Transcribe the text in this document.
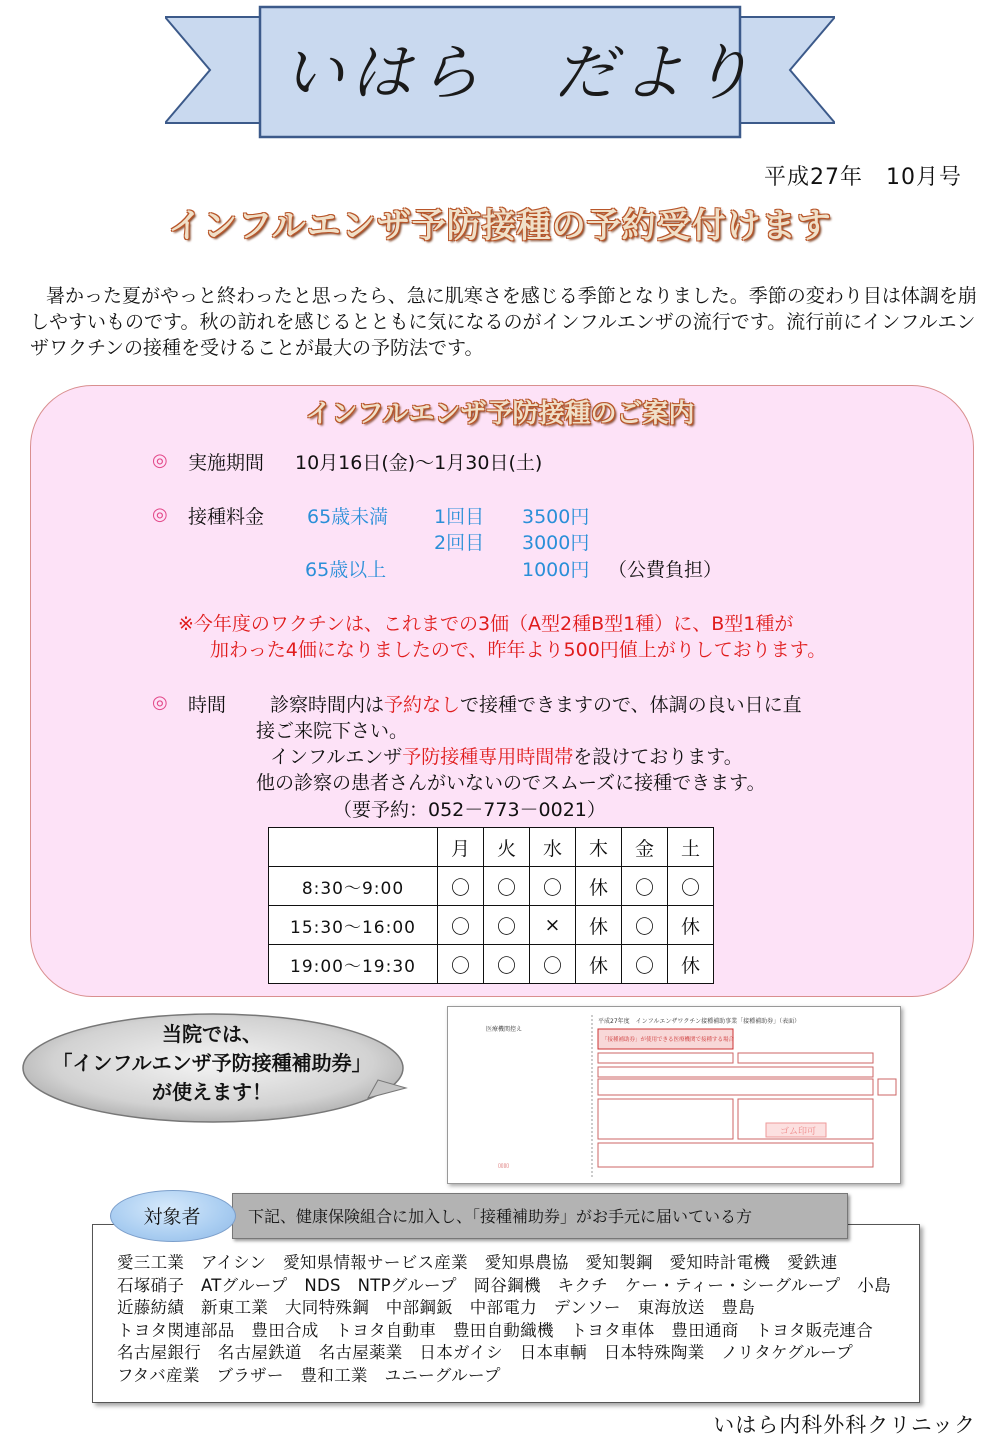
いはら　だより
平成27年　10月号
インフルエンザ予防接種の予約受付けます
暑かった夏がやっと終わったと思ったら、急に肌寒さを感じる季節となりました。季節の変わり目は体調を崩しやすいものです。秋の訪れを感じるとともに気になるのがインフルエンザの流行です。流行前にインフルエンザワクチンの接種を受けることが最大の予防法です。
インフルエンザ予防接種のご案内
◎ 実施期間 10月16日(金)～1月30日(土)
◎ 接種料金 65歳未満 1回目 3500円
2回目 3000円
65歳以上	1000円 （公費負担）
※今年度のワクチンは、これまでの3価（A型2種B型1種）に、B型1種が
加わった4価になりましたので、昨年より500円値上がりしております。
◎ 時間 診察時間内は予約なしで接種できますので、体調の良い日に直
接ご来院下さい。
インフルエンザ予防接種専用時間帯を設けております。
他の診察の患者さんがいないのでスムーズに接種できます。
（要予約：052－773－0021）
	月	火	水	木	金	土
8:30～9:00	〇	〇	〇	休	〇	〇
15:30～16:00	〇	〇	×	休	〇	休
19:00～19:30	〇	〇	〇	休	〇	休
当院では、
「インフルエンザ予防接種補助券」
が使えます！
医療機関控え
平成27年度　インフルエンザワクチン接種補助事業「接種補助券」（表面）
「接種補助券」が使用できる医療機関で接種する場合
ゴム印可
▯▯▯▯
下記、健康保険組合に加入し、「接種補助券」がお手元に届いている方
対象者
愛三工業　アイシン　愛知県情報サービス産業　愛知県農協　愛知製鋼　愛知時計電機　愛鉄連
石塚硝子　ATグループ　NDS　NTPグループ　岡谷鋼機　キクチ　ケー・ティー・シーグループ　小島
近藤紡績　新東工業　大同特殊鋼　中部鋼鈑　中部電力　デンソー　東海放送　豊島
トヨタ関連部品　豊田合成　トヨタ自動車　豊田自動織機　トヨタ車体　豊田通商　トヨタ販売連合
名古屋銀行　名古屋鉄道　名古屋薬業　日本ガイシ　日本車輌　日本特殊陶業　ノリタケグループ
フタバ産業　ブラザー　豊和工業　ユニーグループ
いはら内科外科クリニック
